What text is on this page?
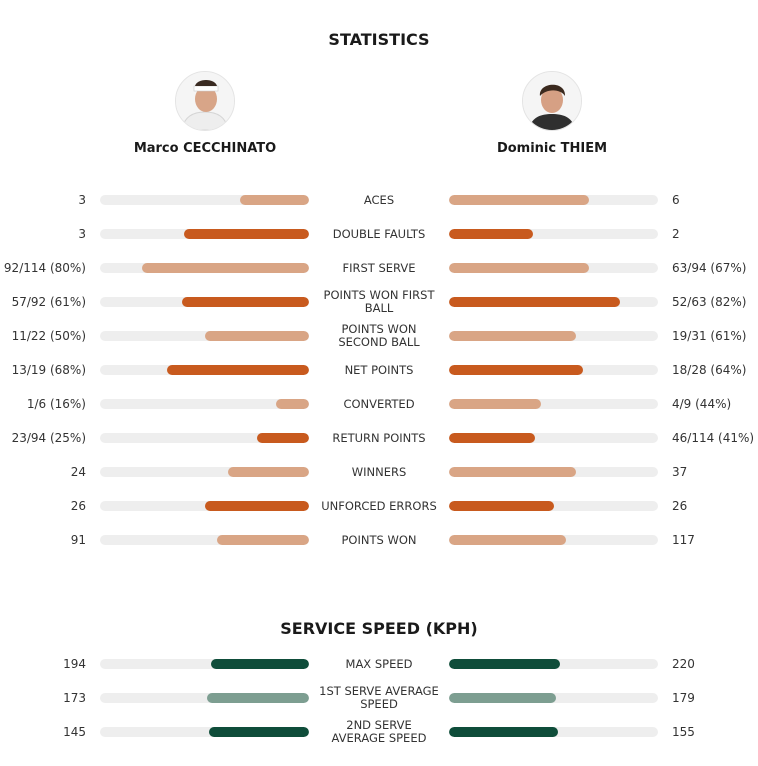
STATISTICS
Marco CECCHINATO	Dominic THIEM
3	ACES	6
3	DOUBLE FAULTS	2
92/114 (80%)	FIRST SERVE	63/94 (67%)
57/92 (61%)	POINTS WON FIRST BALL	52/63 (82%)
11/22 (50%)	POINTS WON SECOND BALL	19/31 (61%)
13/19 (68%)	NET POINTS	18/28 (64%)
1/6 (16%)	CONVERTED	4/9 (44%)
23/94 (25%)	RETURN POINTS	46/114 (41%)
24	WINNERS	37
26	UNFORCED ERRORS	26
91	POINTS WON	117
SERVICE SPEED (KPH)
194	MAX SPEED	220
173	1ST SERVE AVERAGE SPEED	179
145	2ND SERVE AVERAGE SPEED	155
